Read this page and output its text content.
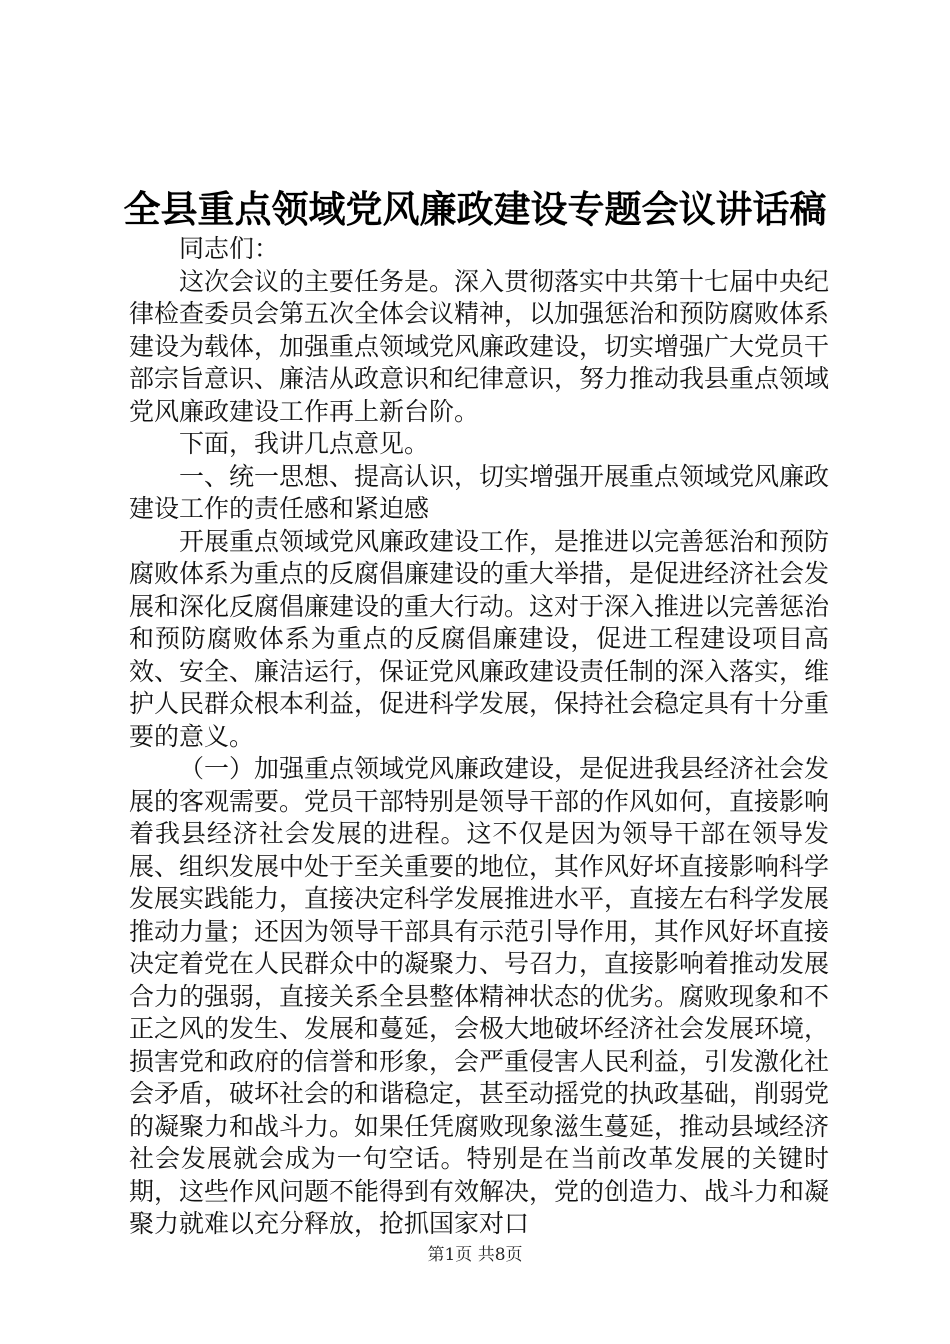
全县重点领域党风廉政建设专题会议讲话稿

同志们：

这次会议的主要任务是。深入贯彻落实中共第十七届中央纪律检查委员会第五次全体会议精神，以加强惩治和预防腐败体系建设为载体，加强重点领域党风廉政建设，切实增强广大党员干部宗旨意识、廉洁从政意识和纪律意识，努力推动我县重点领域党风廉政建设工作再上新台阶。

下面，我讲几点意见。

一、统一思想、提高认识，切实增强开展重点领域党风廉政建设工作的责任感和紧迫感

开展重点领域党风廉政建设工作，是推进以完善惩治和预防腐败体系为重点的反腐倡廉建设的重大举措，是促进经济社会发展和深化反腐倡廉建设的重大行动。这对于深入推进以完善惩治和预防腐败体系为重点的反腐倡廉建设，促进工程建设项目高效、安全、廉洁运行，保证党风廉政建设责任制的深入落实，维护人民群众根本利益，促进科学发展，保持社会稳定具有十分重要的意义。

（一）加强重点领域党风廉政建设，是促进我县经济社会发展的客观需要。党员干部特别是领导干部的作风如何，直接影响着我县经济社会发展的进程。这不仅是因为领导干部在领导发展、组织发展中处于至关重要的地位，其作风好坏直接影响科学发展实践能力，直接决定科学发展推进水平，直接左右科学发展推动力量；还因为领导干部具有示范引导作用，其作风好坏直接决定着党在人民群众中的凝聚力、号召力，直接影响着推动发展合力的强弱，直接关系全县整体精神状态的优劣。腐败现象和不正之风的发生、发展和蔓延，会极大地破坏经济社会发展环境，损害党和政府的信誉和形象，会严重侵害人民利益，引发激化社会矛盾，破坏社会的和谐稳定，甚至动摇党的执政基础，削弱党的凝聚力和战斗力。如果任凭腐败现象滋生蔓延，推动县域经济社会发展就会成为一句空话。特别是在当前改革发展的关键时期，这些作风问题不能得到有效解决，党的创造力、战斗力和凝聚力就难以充分释放，抢抓国家对口

第1页 共8页
